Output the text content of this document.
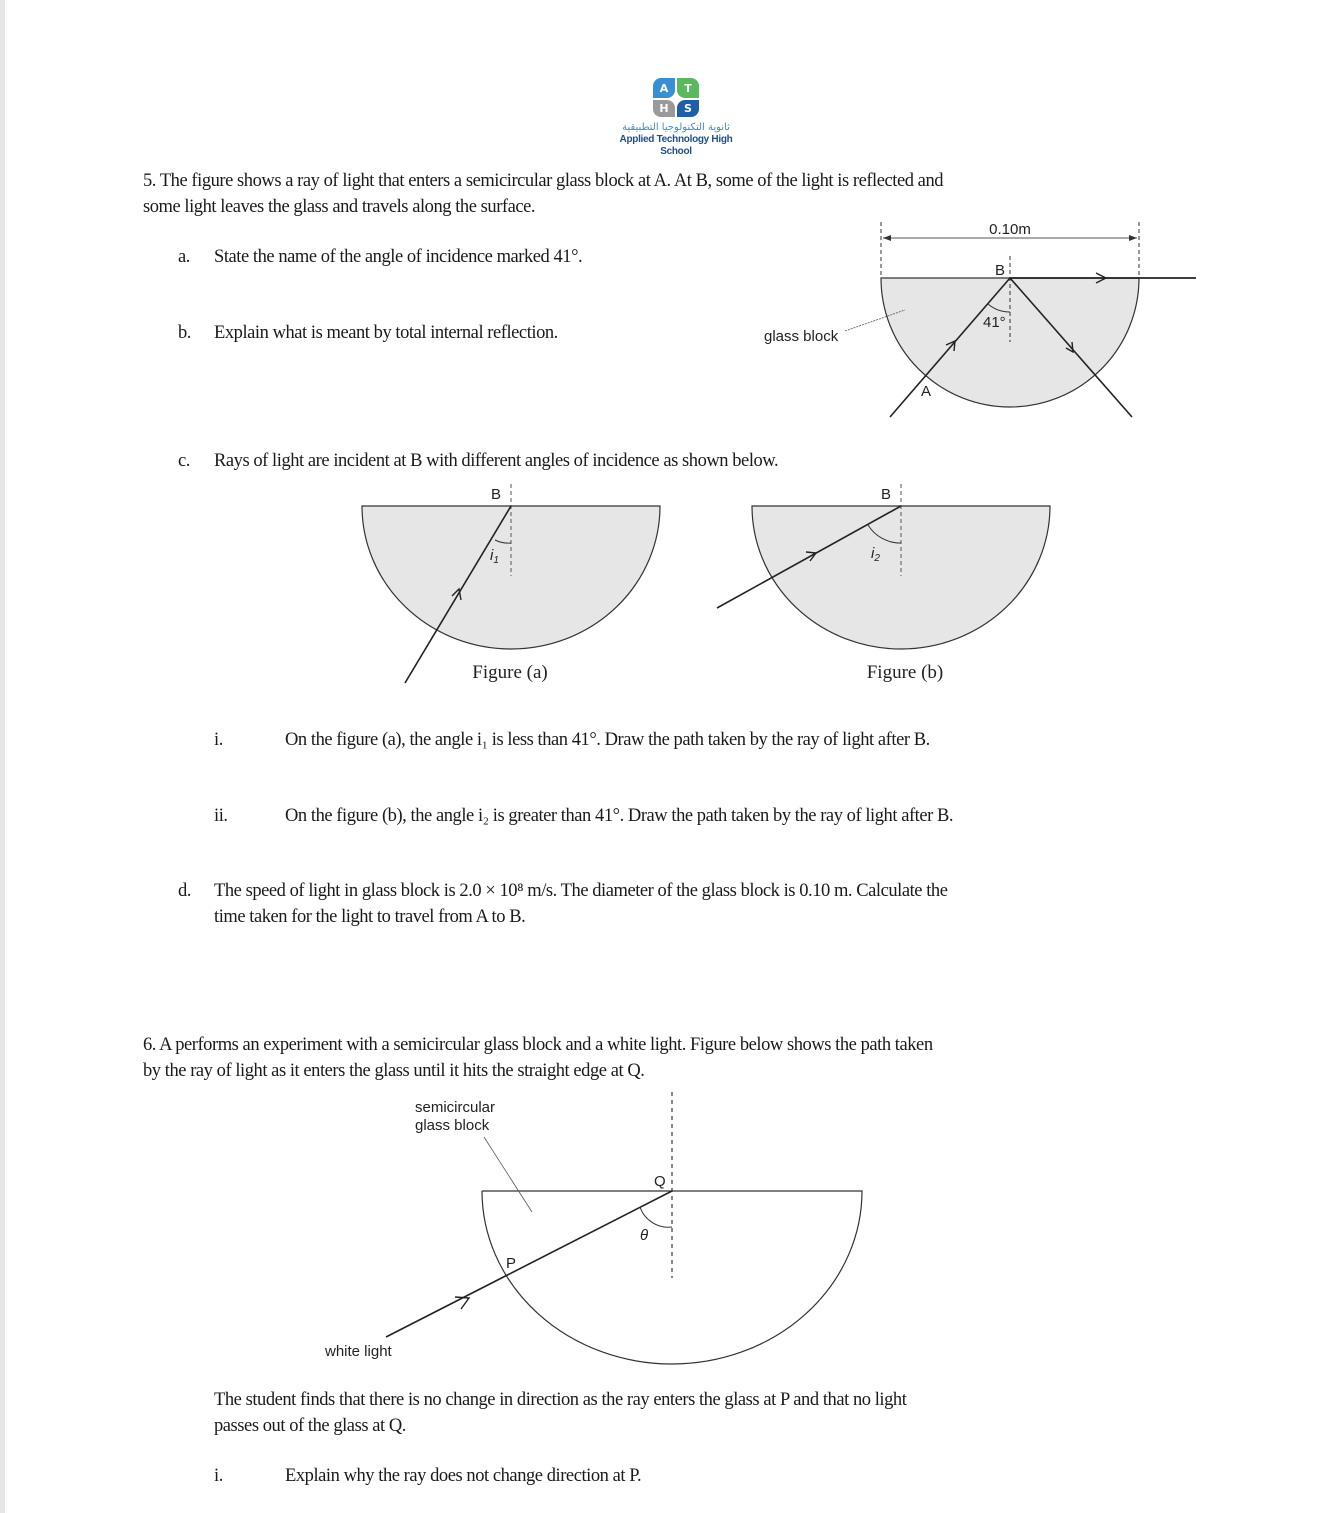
A	T
H	S
ثانوية التكنولوجيا التطبيقية
Applied Technology High School
5. The figure shows a ray of light that enters a semicircular glass block at A. At B, some of the light is reflected and
some light leaves the glass and travels along the surface.
a. State the name of the angle of incidence marked 41°.
b. Explain what is meant by total internal reflection.
0.10m
41°
B
A
glass block
c. Rays of light are incident at B with different angles of incidence as shown below.
$i_1$
B
Figure (a)
$i_2$
B
Figure (b)
i.	On the figure (a), the angle i₁ is less than 41°. Draw the path taken by the ray of light after B.
ii.	On the figure (b), the angle i₂ is greater than 41°. Draw the path taken by the ray of light after B.
d. The speed of light in glass block is 2.0 × 10⁸ m/s. The diameter of the glass block is 0.10 m. Calculate the
time taken for the light to travel from A to B.
6. A performs an experiment with a semicircular glass block and a white light. Figure below shows the path taken
by the ray of light as it enters the glass until it hits the straight edge at Q.
θ
Q
P
semicircular
glass block
white light
The student finds that there is no change in direction as the ray enters the glass at P and that no light
passes out of the glass at Q.
i.	Explain why the ray does not change direction at P.
